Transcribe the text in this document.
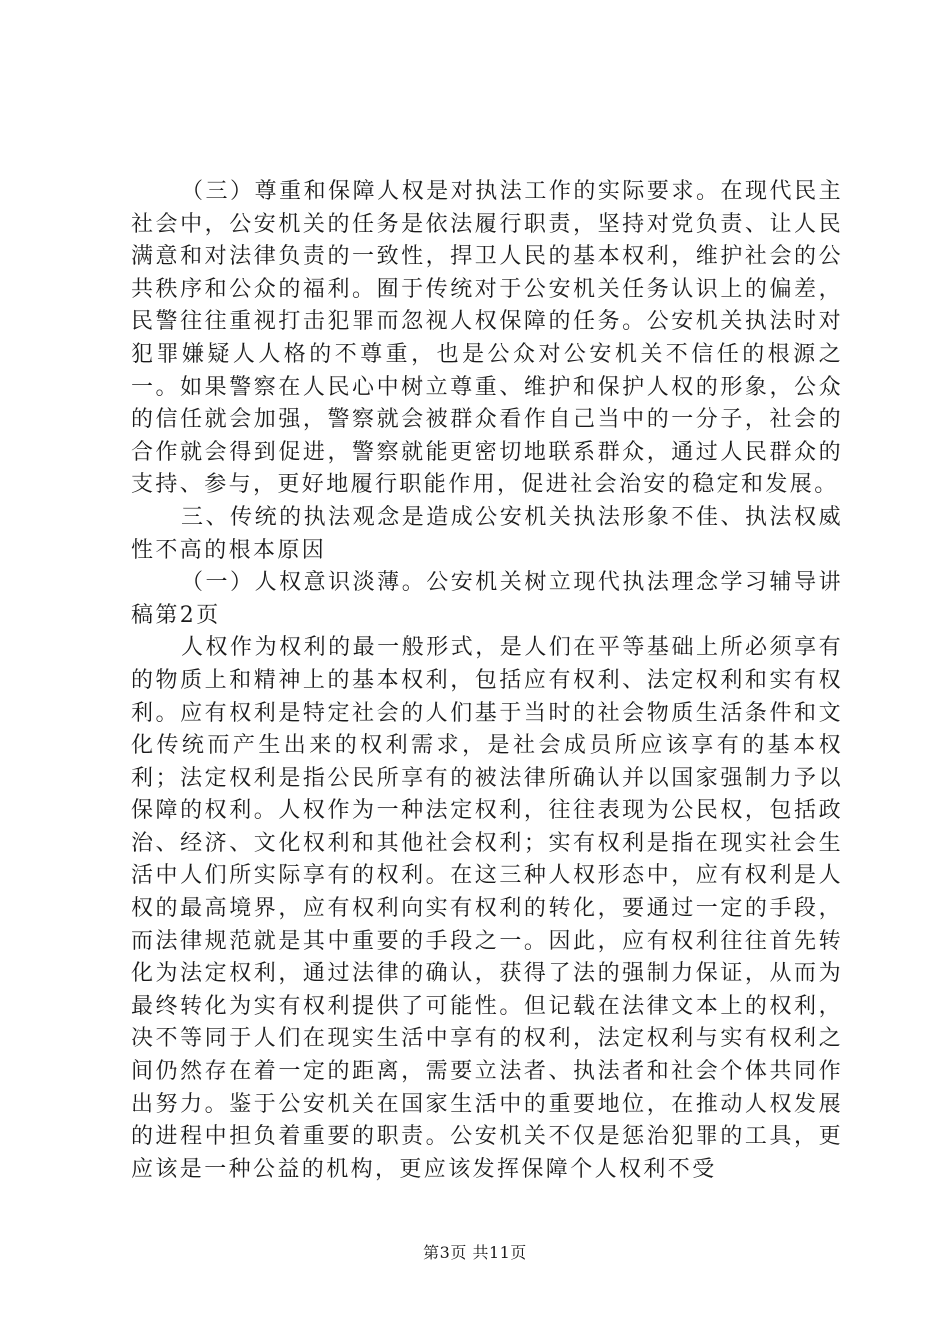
（三）尊重和保障人权是对执法工作的实际要求。在现代民主社会中，公安机关的任务是依法履行职责，坚持对党负责、让人民满意和对法律负责的一致性，捍卫人民的基本权利，维护社会的公共秩序和公众的福利。囿于传统对于公安机关任务认识上的偏差，民警往往重视打击犯罪而忽视人权保障的任务。公安机关执法时对犯罪嫌疑人人格的不尊重，也是公众对公安机关不信任的根源之一。如果警察在人民心中树立尊重、维护和保护人权的形象，公众的信任就会加强，警察就会被群众看作自己当中的一分子，社会的合作就会得到促进，警察就能更密切地联系群众，通过人民群众的支持、参与，更好地履行职能作用，促进社会治安的稳定和发展。

三、传统的执法观念是造成公安机关执法形象不佳、执法权威性不高的根本原因

（一）人权意识淡薄。公安机关树立现代执法理念学习辅导讲稿第2页

人权作为权利的最一般形式，是人们在平等基础上所必须享有的物质上和精神上的基本权利，包括应有权利、法定权利和实有权利。应有权利是特定社会的人们基于当时的社会物质生活条件和文化传统而产生出来的权利需求，是社会成员所应该享有的基本权利；法定权利是指公民所享有的被法律所确认并以国家强制力予以保障的权利。人权作为一种法定权利，往往表现为公民权，包括政治、经济、文化权利和其他社会权利；实有权利是指在现实社会生活中人们所实际享有的权利。在这三种人权形态中，应有权利是人权的最高境界，应有权利向实有权利的转化，要通过一定的手段，而法律规范就是其中重要的手段之一。因此，应有权利往往首先转化为法定权利，通过法律的确认，获得了法的强制力保证，从而为最终转化为实有权利提供了可能性。但记载在法律文本上的权利，决不等同于人们在现实生活中享有的权利，法定权利与实有权利之间仍然存在着一定的距离，需要立法者、执法者和社会个体共同作出努力。鉴于公安机关在国家生活中的重要地位，在推动人权发展的进程中担负着重要的职责。公安机关不仅是惩治犯罪的工具，更应该是一种公益的机构，更应该发挥保障个人权利不受

第3页 共11页
